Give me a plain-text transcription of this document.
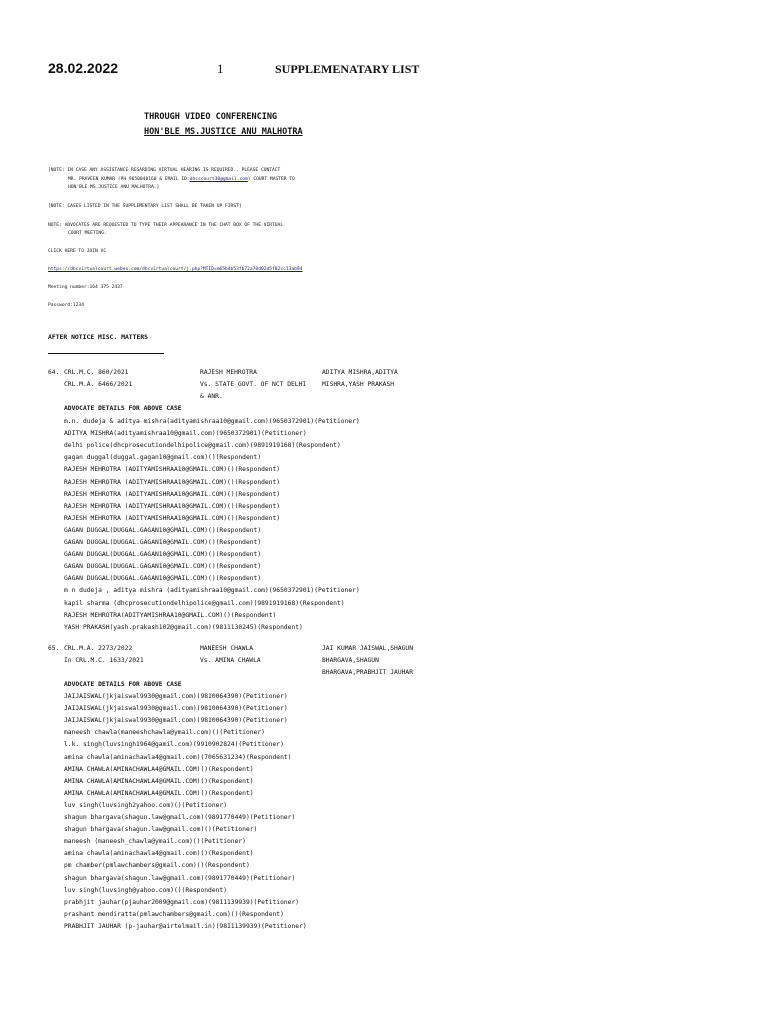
28.02.2022	1	SUPPLEMENATARY LIST
THROUGH VIDEO CONFERENCING
HON'BLE MS.JUSTICE ANU MALHOTRA
[NOTE: IN CASE ANY ASSISTANCE REGARDING VIRTUAL HEARING IS REQUIRED., PLEASE CONTACT
MR. PRAVEEN KUMAR (PH 9650040160 & EMAIL ID:dhcscourt30@gmail.com) COURT MASTER TO
HON'BLE MS.JUSTICE ANU MALHOTRA.]
[NOTE: CASES LISTED IN THE SUPPLEMENTARY LIST SHALL BE TAKEN UP FIRST]
NOTE: ADVOCATES ARE REQUESTED TO TYPE THEIR APPEARANCE IN THE CHAT BOX OF THE VIRTUAL
COURT MEETING.
CLICK HERE TO JOIN VC
https://dhcvirtualcourt.webex.com/dhcvirtualcourt/j.php?MTID=m65b4b53fb72a70d02d5f82cc13ab94
Meeting number:164 375 2437
Password:1234
AFTER NOTICE MISC. MATTERS
64. CRL.M.C. 860/2021
CRL.M.A. 6466/2021
RAJESH MEHROTRA
Vs. STATE GOVT. OF NCT DELHI
& ANR.
ADITYA MISHRA,ADITYA
MISHRA,YASH PRAKASH
ADVOCATE DETAILS FOR ABOVE CASE
m.n. dudeja & aditya mishra(adityamishraa10@gmail.com)(9650372901)(Petitioner)
ADITYA MISHRA(adityamishraa10@gmail.com)(9650372901)(Petitioner)
delhi police(dhcprosecutiondelhipolice@gmail.com)(9891919168)(Respondent)
gagan duggal(duggal.gagan10@gmail.com)()(Respondent)
RAJESH MEHROTRA (ADITYAMISHRAA10@GMAIL.COM)()(Respondent)
RAJESH MEHROTRA (ADITYAMISHRAA10@GMAIL.COM)()(Respondent)
RAJESH MEHROTRA (ADITYAMISHRAA10@GMAIL.COM)()(Respondent)
RAJESH MEHROTRA (ADITYAMISHRAA10@GMAIL.COM)()(Respondent)
RAJESH MEHROTRA (ADITYAMISHRAA10@GMAIL.COM)()(Respondent)
GAGAN DUGGAL(DUGGAL.GAGAN10@GMAIL.COM)()(Respondent)
GAGAN DUGGAL(DUGGAL.GAGAN10@GMAIL.COM)()(Respondent)
GAGAN DUGGAL(DUGGAL.GAGAN10@GMAIL.COM)()(Respondent)
GAGAN DUGGAL(DUGGAL.GAGAN10@GMAIL.COM)()(Respondent)
GAGAN DUGGAL(DUGGAL.GAGAN10@GMAIL.COM)()(Respondent)
m n dudeja , aditya mishra (adityamishraa10@gmail.com)(9650372901)(Petitioner)
kapil sharma (dhcprosecutiondelhipolice@gmail.com)(9891919168)(Respondent)
RAJESH MEHROTRA(ADITYAMISHRAA10@GMAIL.COM)()(Respondent)
YASH PRAKASH(yash.prakash102@gmail.com)(9811130245)(Respondent)
65. CRL.M.A. 2273/2022
In CRL.M.C. 1633/2021
MANEESH CHAWLA
Vs. AMINA CHAWLA
JAI KUMAR JAISWAL,SHAGUN
BHARGAVA,SHAGUN
BHARGAVA,PRABHJIT JAUHAR
ADVOCATE DETAILS FOR ABOVE CASE
JAIJAISWAL(jkjaiswal9930@gmail.com)(9810064390)(Petitioner)
JAIJAISWAL(jkjaiswal9930@gmail.com)(9810064390)(Petitioner)
JAIJAISWAL(jkjaiswal9930@gmail.com)(9810064390)(Petitioner)
maneesh chawla(maneeshchawla@ymail.com)()(Petitioner)
l.k. singh(luvsingh1964@gamil.com)(9910902824)(Petitioner)
amina chawla(aminachawla4@gmail.com)(7065631234)(Respondent)
AMINA CHAWLA(AMINACHAWLA4@GMAIL.COM)()(Respondent)
AMINA CHAWLA(AMINACHAWLA4@GMAIL.COM)()(Respondent)
AMINA CHAWLA(AMINACHAWLA4@GMAIL.COM)()(Respondent)
luv singh(luvsingh2yahoo.com)()(Petitioner)
shagun bhargava(shagun.law@gmail.com)(9891770449)(Petitioner)
shagun bhargava(shagun.law@gmail.com)()(Petitioner)
maneesh (maneesh_chawla@ymail.com)()(Petitioner)
amina chawla(aminachawla4@gmail.com)()(Respondent)
pm chamber(pmlawchambers@gmail.com)()(Respondent)
shagun bhargava(shagun.law@gmail.com)(9891770449)(Petitioner)
luv singh(luvsingh@yahoo.com)()(Respondent)
prabhjit jauhar(pjauhar2009@gmail.com)(9811139939)(Petitioner)
prashant mendiratta(pmlawchambers@gmail.com)()(Respondent)
PRABHJIT JAUHAR (p-jauhar@airtelmail.in)(9811139939)(Petitioner)
